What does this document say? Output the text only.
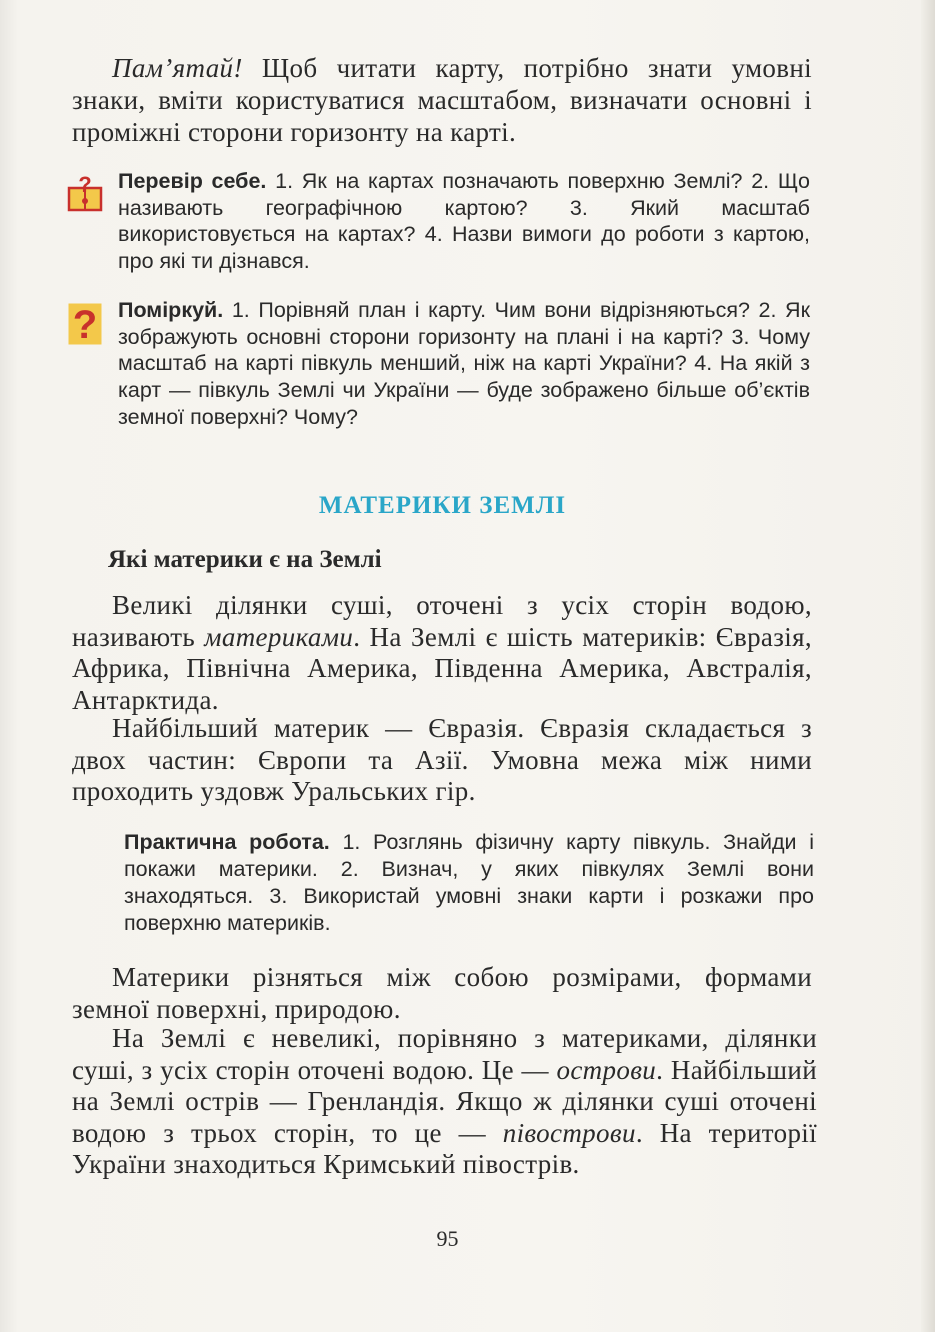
Пам’ятай! Щоб читати карту, потрібно знати умовні знаки, вміти користуватися масштабом, визначати основні і проміжні сторони горизонту на карті.

? Перевір себе. 1. Як на картах позначають поверхню Землі? 2. Що називають географічною картою? 3. Який масштаб використовується на картах? 4. Назви вимоги до роботи з картою, про які ти дізнався.

? Поміркуй. 1. Порівняй план і карту. Чим вони відрізняються? 2. Як зображують основні сторони горизонту на плані і на карті? 3. Чому масштаб на карті півкуль менший, ніж на карті України? 4. На якій з карт — півкуль Землі чи України — буде зображено більше об’єктів земної поверхні? Чому?

МАТЕРИКИ ЗЕМЛІ
Які материки є на Землі

Великі ділянки суші, оточені з усіх сторін водою, називають материками. На Землі є шість материків: Євразія, Африка, Північна Америка, Південна Америка, Австралія, Антарктида.

Найбільший материк — Євразія. Євразія складається з двох частин: Європи та Азії. Умовна межа між ними проходить уздовж Уральських гір.

Практична робота. 1. Розглянь фізичну карту півкуль. Знайди і покажи материки. 2. Визнач, у яких півкулях Землі вони знаходяться. 3. Використай умовні знаки карти і розкажи про поверхню материків.

Материки різняться між собою розмірами, формами земної поверхні, природою.

На Землі є невеликі, порівняно з материками, ділянки суші, з усіх сторін оточені водою. Це — острови. Найбільший на Землі острів — Гренландія. Якщо ж ділянки суші оточені водою з трьох сторін, то це — півострови. На території України знаходиться Кримський півострів.

95
